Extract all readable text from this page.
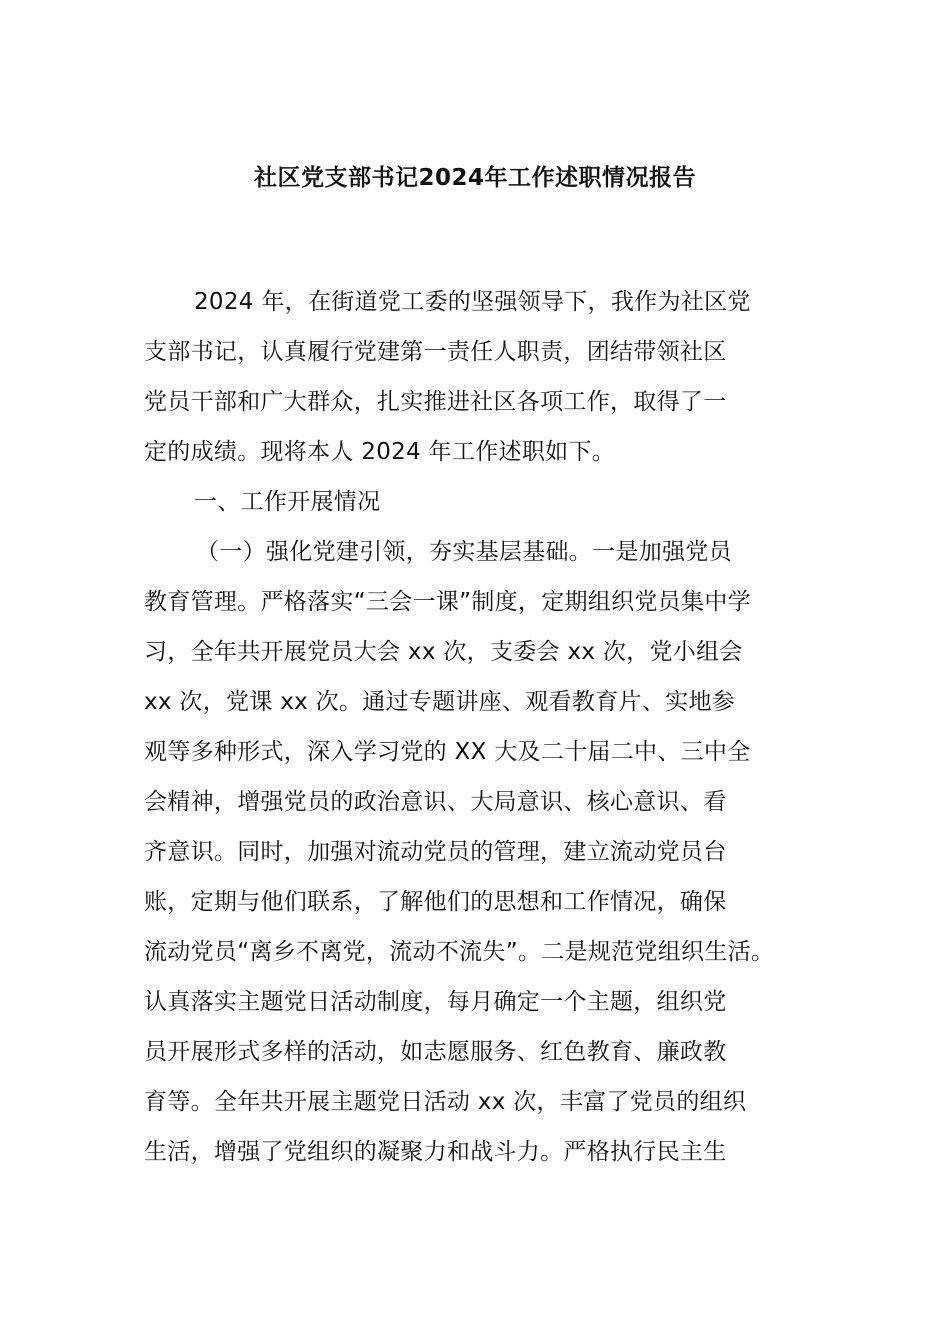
社区党支部书记2024年工作述职情况报告
2024 年，在街道党工委的坚强领导下，我作为社区党
支部书记，认真履行党建第一责任人职责，团结带领社区
党员干部和广大群众，扎实推进社区各项工作，取得了一
定的成绩。现将本人 2024 年工作述职如下。
一、工作开展情况
（一）强化党建引领，夯实基层基础。一是加强党员
教育管理。严格落实“三会一课”制度，定期组织党员集中学
习，全年共开展党员大会 xx 次，支委会 xx 次，党小组会
xx 次，党课 xx 次。通过专题讲座、观看教育片、实地参
观等多种形式，深入学习党的 XX 大及二十届二中、三中全
会精神，增强党员的政治意识、大局意识、核心意识、看
齐意识。同时，加强对流动党员的管理，建立流动党员台
账，定期与他们联系，了解他们的思想和工作情况，确保
流动党员“离乡不离党，流动不流失”。二是规范党组织生活。
认真落实主题党日活动制度，每月确定一个主题，组织党
员开展形式多样的活动，如志愿服务、红色教育、廉政教
育等。全年共开展主题党日活动 xx 次，丰富了党员的组织
生活，增强了党组织的凝聚力和战斗力。严格执行民主生
